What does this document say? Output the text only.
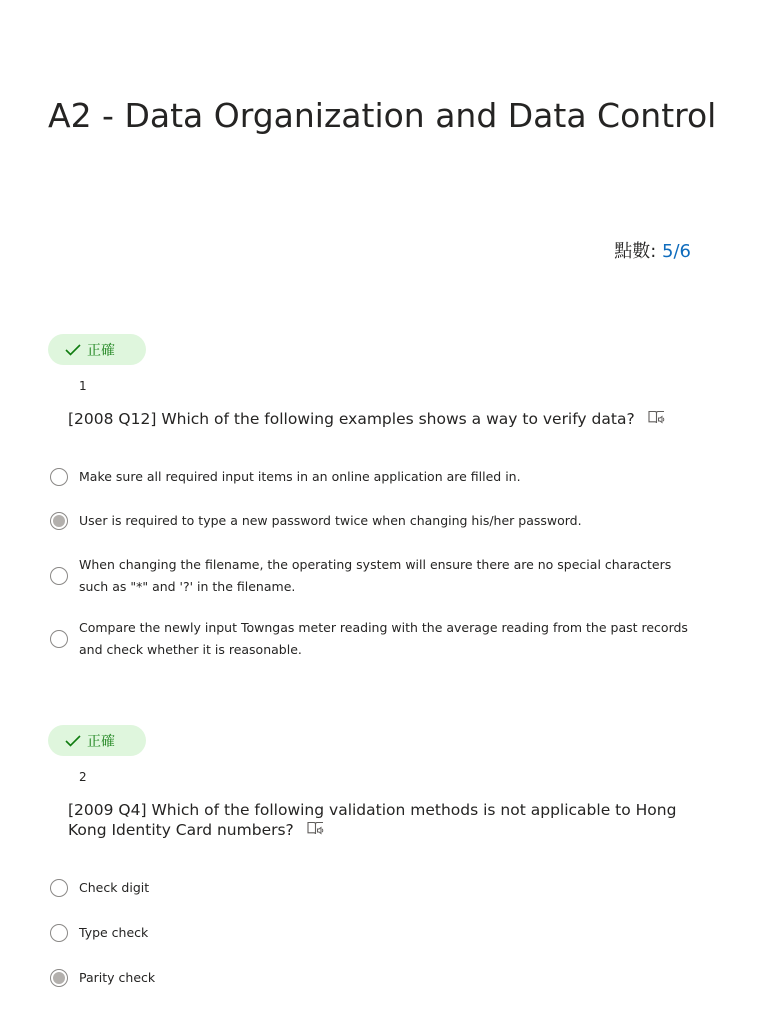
A2 - Data Organization and Data Control
點數: 5/6
正確
1
[2008 Q12] Which of the following examples shows a way to verify data?
Make sure all required input items in an online application are filled in.
User is required to type a new password twice when changing his/her password.
When changing the filename, the operating system will ensure there are no special characters such as "*" and '?' in the filename.
Compare the newly input Towngas meter reading with the average reading from the past records and check whether it is reasonable.
正確
2
[2009 Q4] Which of the following validation methods is not applicable to Hong Kong Identity Card numbers?
Check digit
Type check
Parity check
